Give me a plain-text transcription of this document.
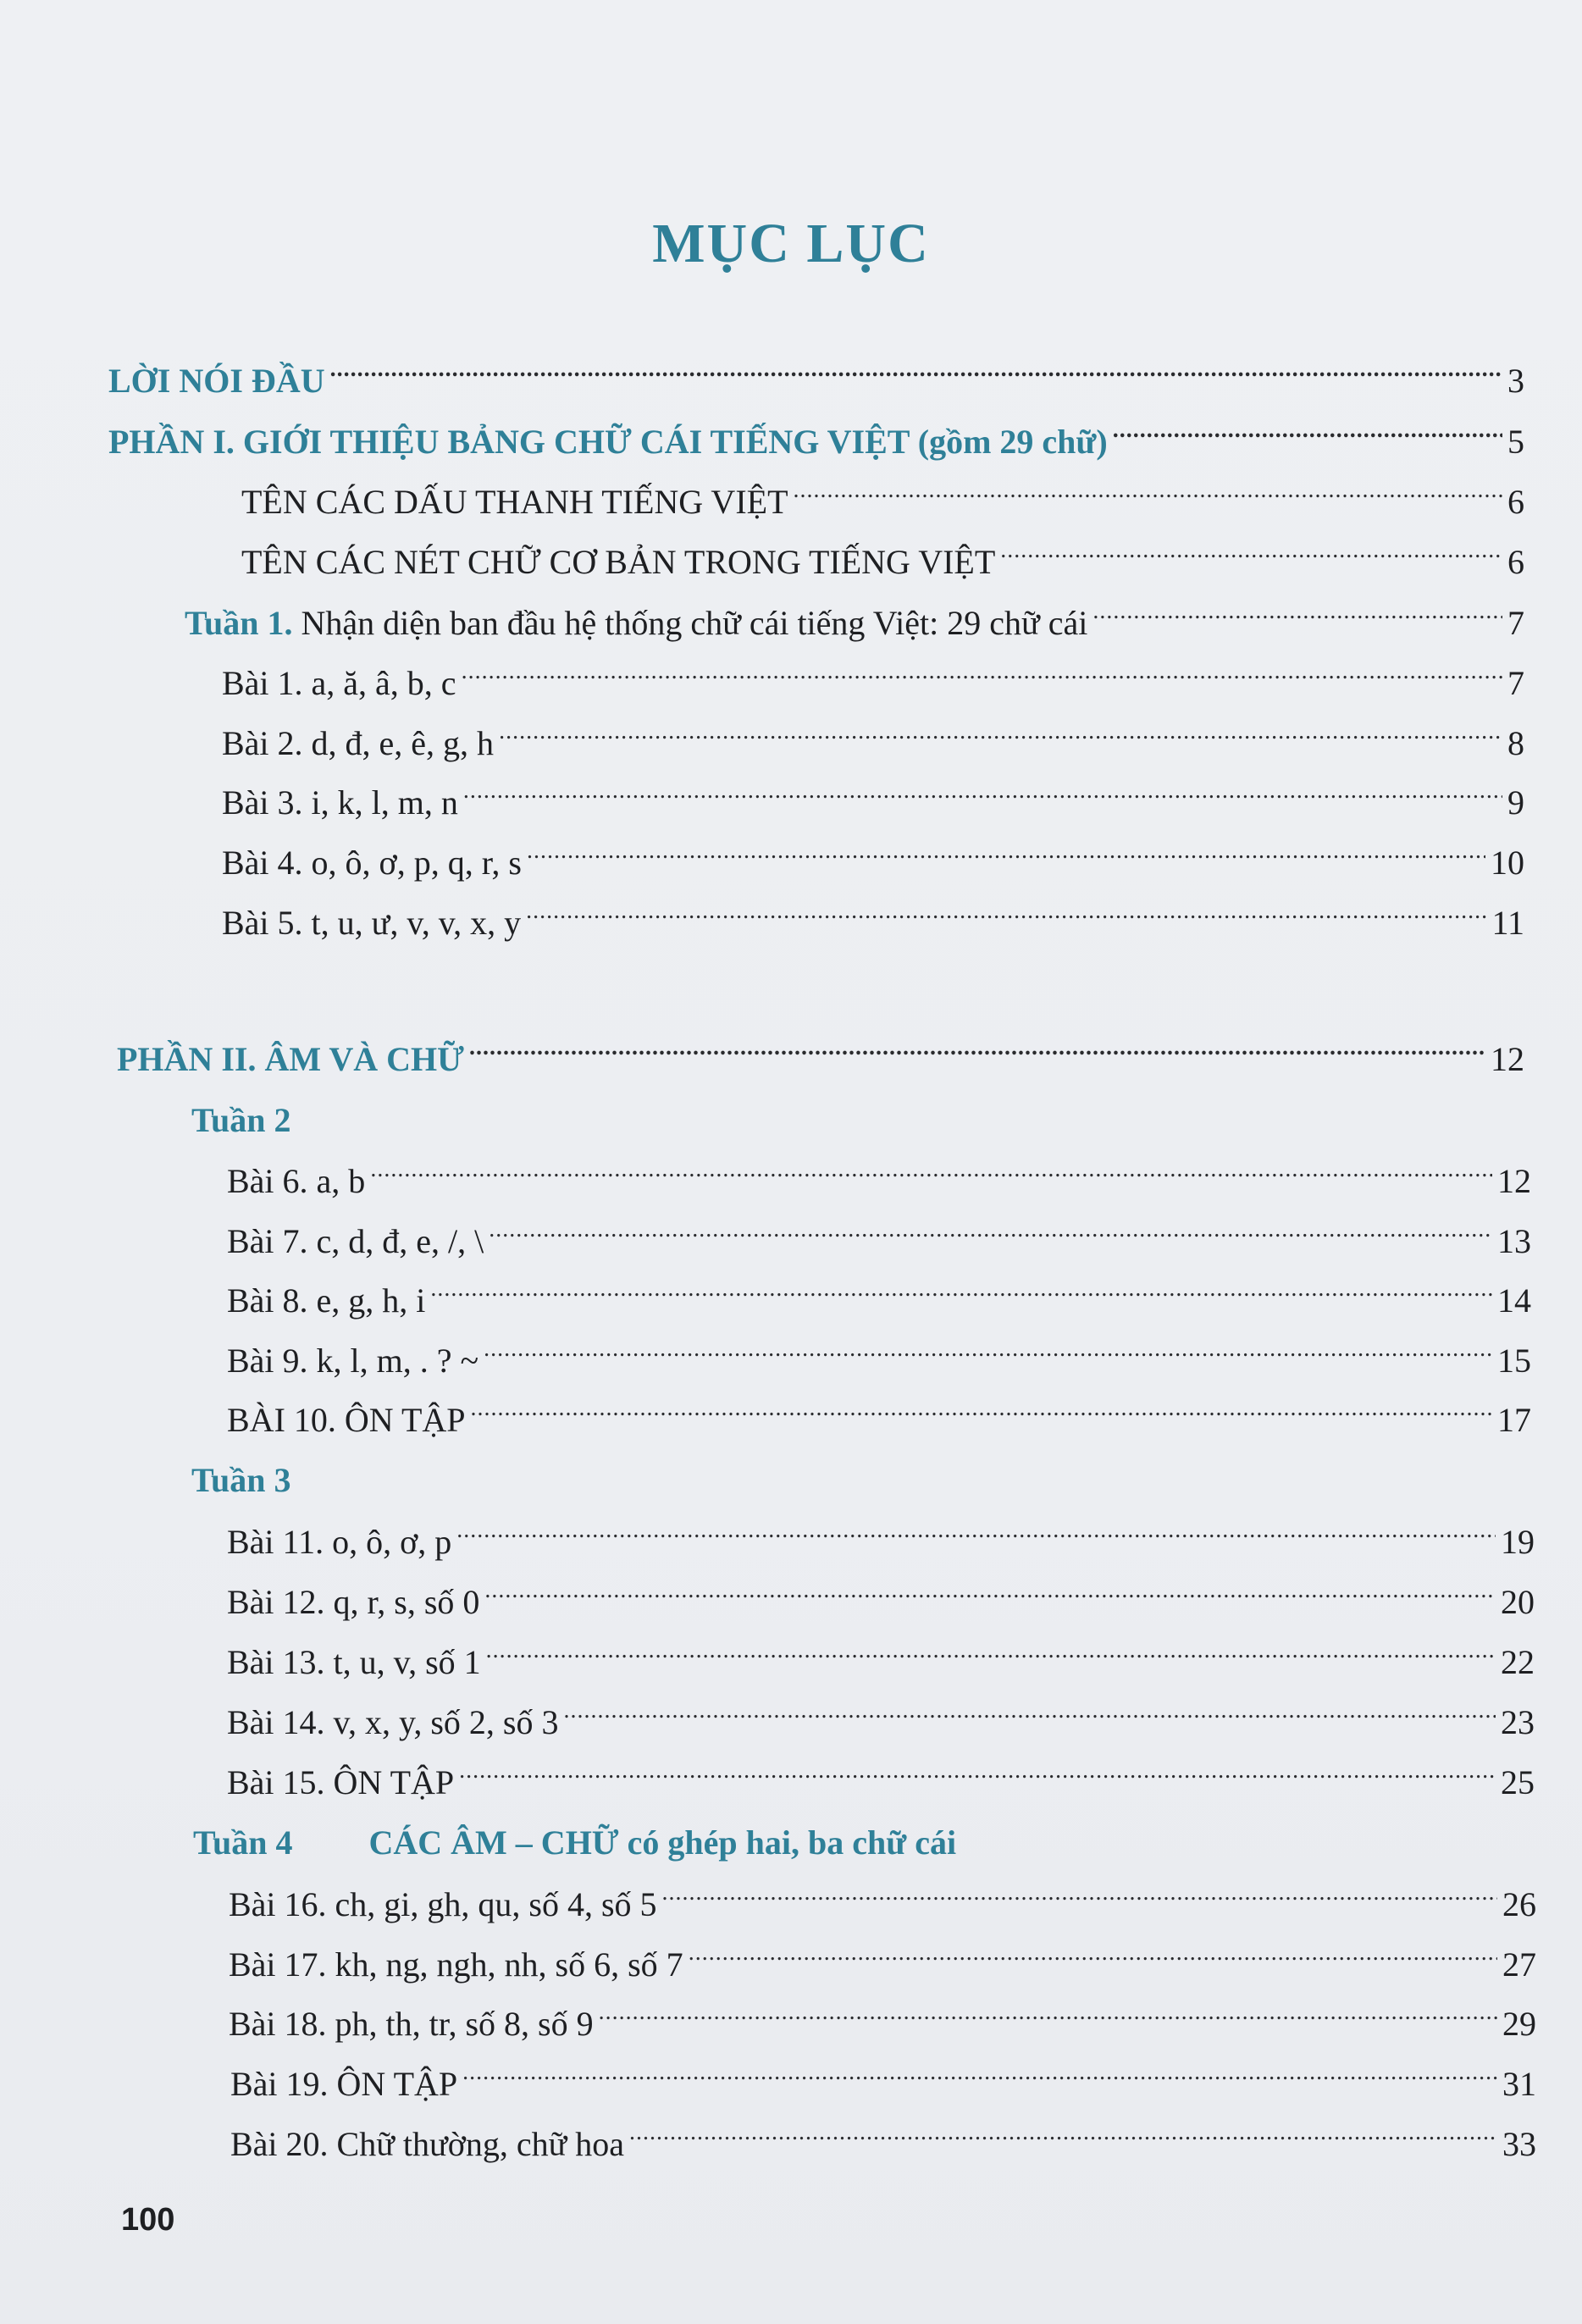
MỤC LỤC
LỜI NÓI ĐẦU .....	3
PHẦN I. GIỚI THIỆU BẢNG CHỮ CÁI TIẾNG VIỆT (gồm 29 chữ) .....	5
TÊN CÁC DẤU THANH TIẾNG VIỆT .....	6
TÊN CÁC NÉT CHỮ CƠ BẢN TRONG TIẾNG VIỆT .....	6
Tuần 1. Nhận diện ban đầu hệ thống chữ cái tiếng Việt: 29 chữ cái .....	7
Bài 1. a, ă, â, b, c .....	7
Bài 2. d, đ, e, ê, g, h .....	8
Bài 3. i, k, l, m, n .....	9
Bài 4. o, ô, ơ, p, q, r, s .....	10
Bài 5. t, u, ư, v, v, x, y .....	11
PHẦN II. ÂM VÀ CHỮ .....	12
Tuần 2
Bài 6. a, b .....	12
Bài 7. c, d, đ, e, /, \ .....	13
Bài 8. e, g, h, i .....	14
Bài 9. k, l, m, . ? ~ .....	15
BÀI 10. ÔN TẬP .....	17
Tuần 3
Bài 11. o, ô, ơ, p .....	19
Bài 12. q, r, s, số 0 .....	20
Bài 13. t, u, v, số 1 .....	22
Bài 14. v, x, y, số 2, số 3 .....	23
Bài 15. ÔN TẬP .....	25
Tuần 4 CÁC ÂM – CHỮ có ghép hai, ba chữ cái
Bài 16. ch, gi, gh, qu, số 4, số 5 .....	26
Bài 17. kh, ng, ngh, nh, số 6, số 7 .....	27
Bài 18. ph, th, tr, số 8, số 9 .....	29
Bài 19. ÔN TẬP .....	31
Bài 20. Chữ thường, chữ hoa .....	33
100
